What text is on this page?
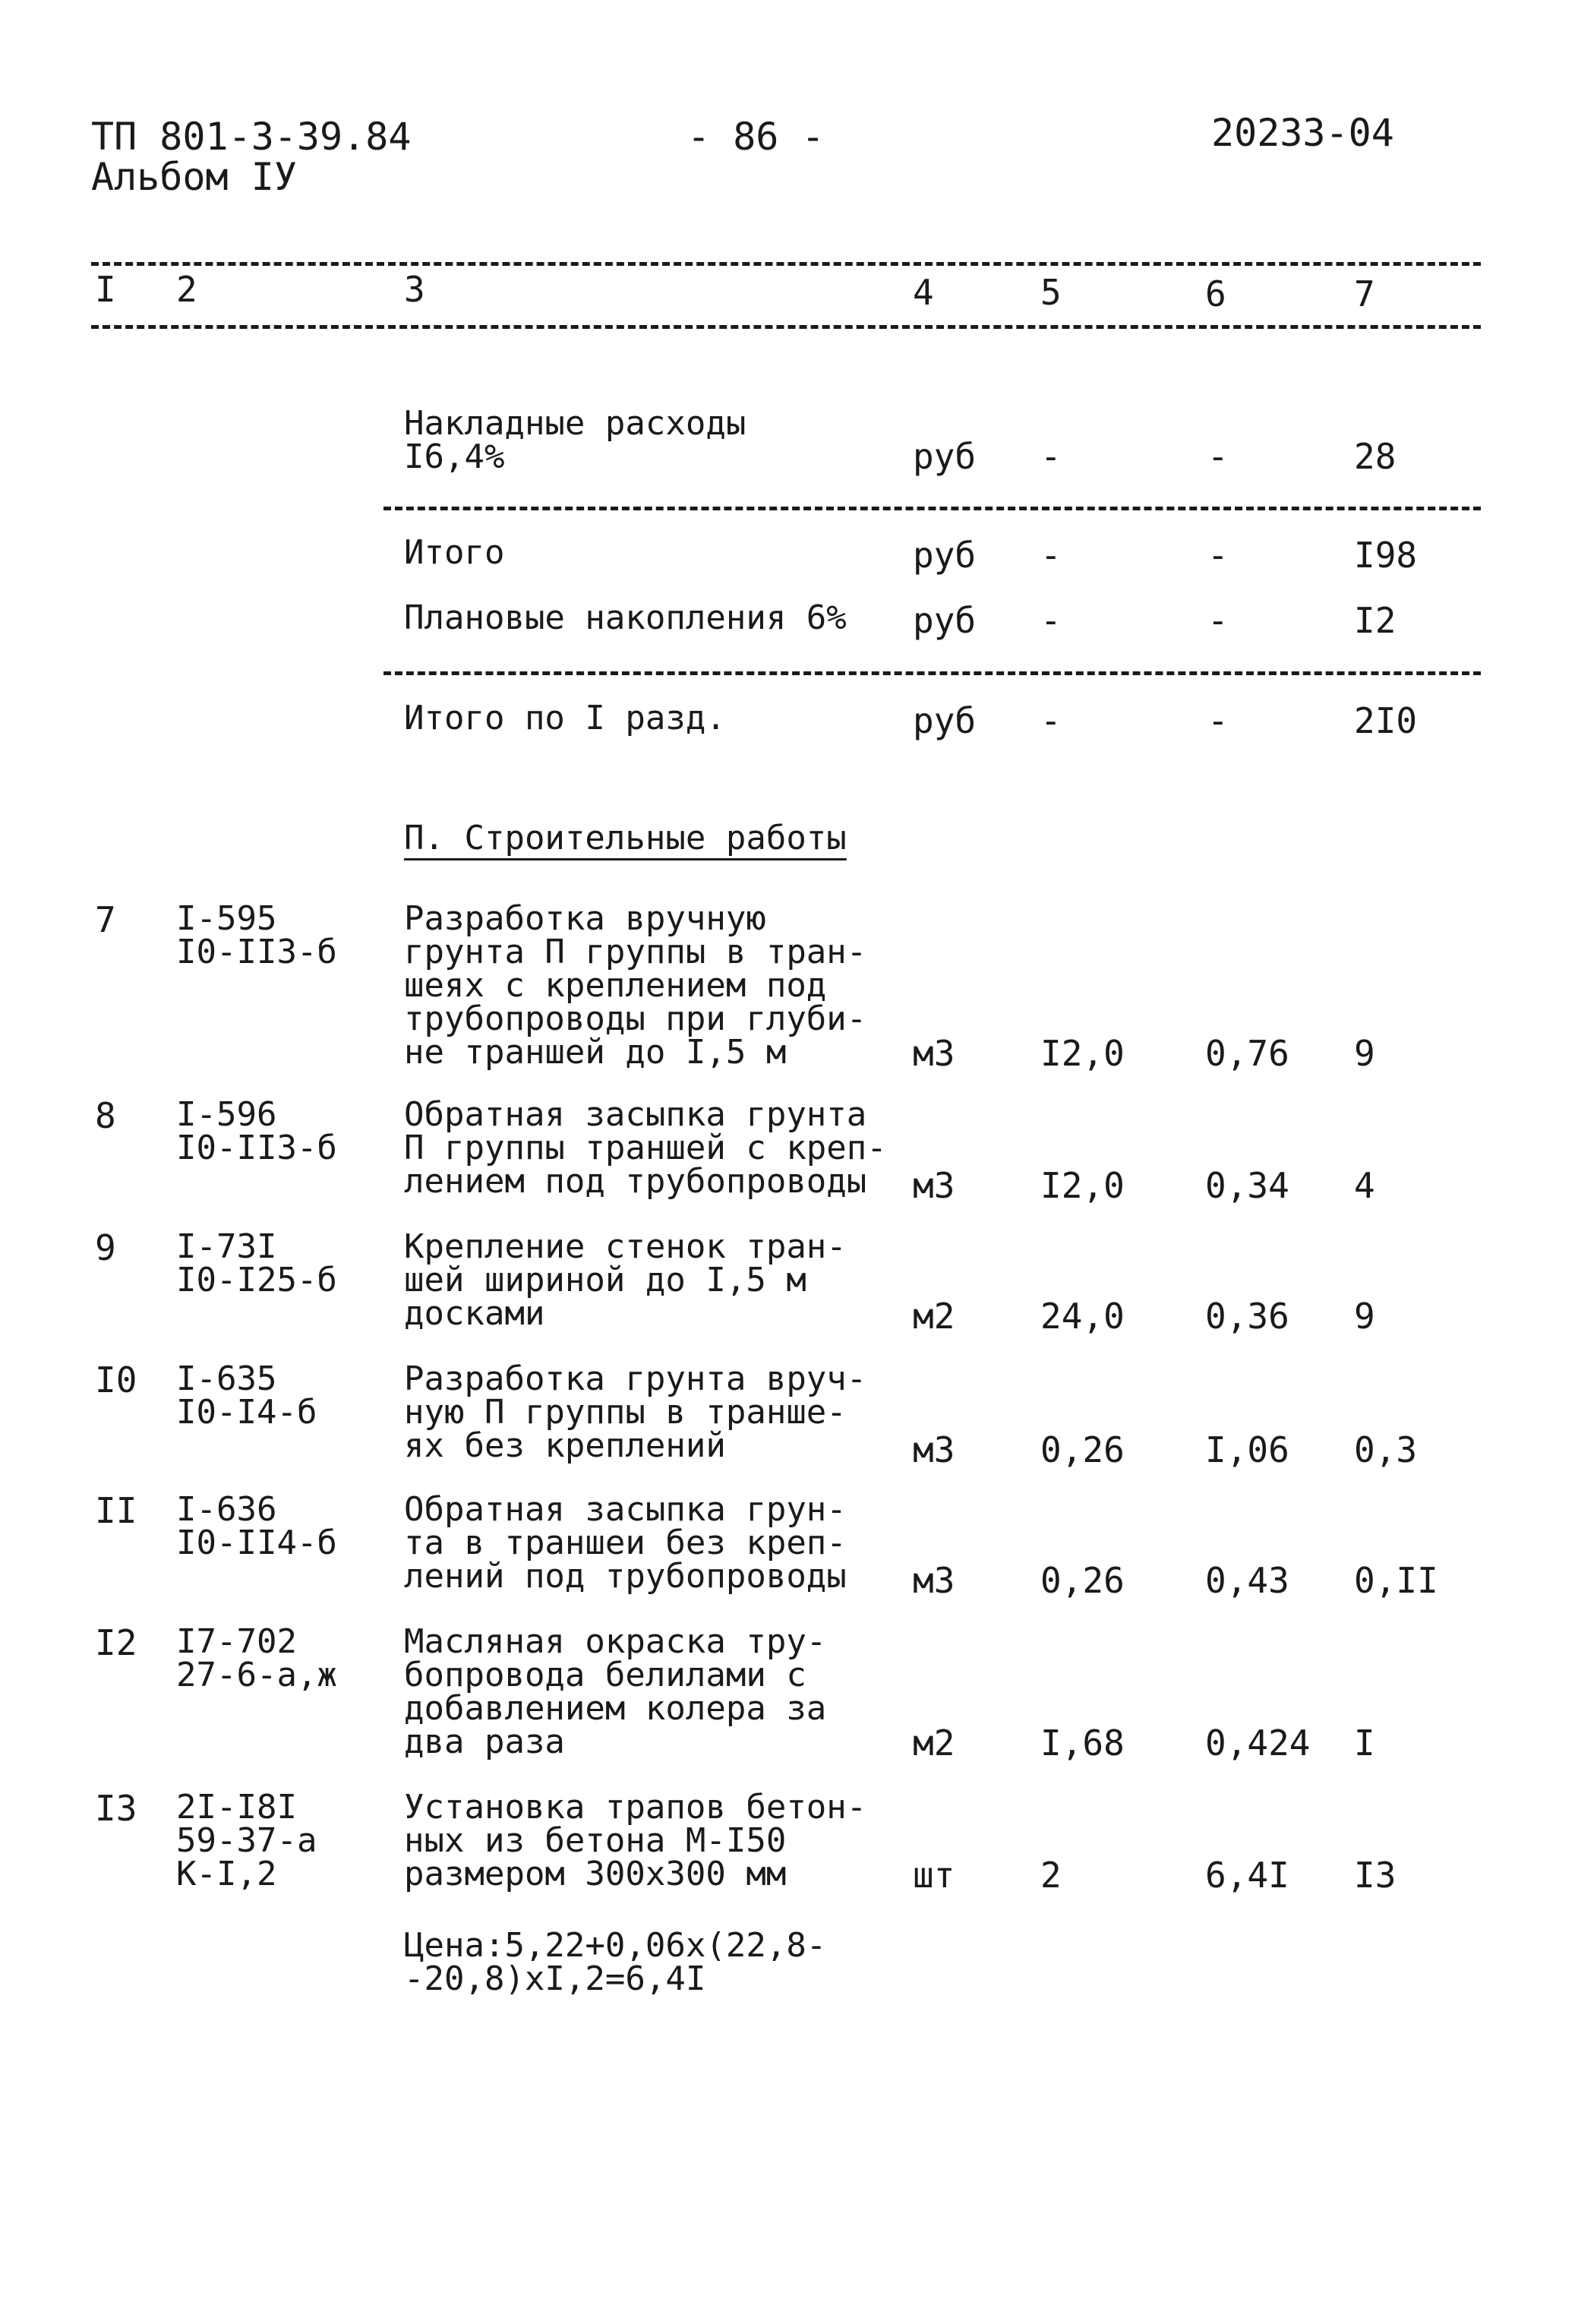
ТП 801-3-39.84
Альбом IУ
- 86 -	20233-04
I 2	3	4	5	6	7
Накладные расходы
I6,4%	руб -	-	28
Итого	руб -	-	I98
Плановые накопления 6% руб -	-	I2
Итого по I разд.	руб -	-	2I0
П. Строительные работы
7 I-595
I0-II3-б
Разработка вручную
грунта П группы в тран-
шеях с креплением под
трубопроводы при глуби-
не траншей до I,5 м	м3 I2,0 0,76 9
8 I-596
I0-II3-б
Обратная засыпка грунта
П группы траншей с креп-
лением под трубопроводы	м3 I2,0 0,34 4
9 I-73I
I0-I25-б
Крепление стенок тран-
шей шириной до I,5 м
досками	м2 24,0 0,36 9
I0 I-635
I0-I4-б
Разработка грунта вруч-
ную П группы в транше-
ях без креплений	м3 0,26 I,06 0,3
II I-636
I0-II4-б
Обратная засыпка грун-
та в траншеи без креп-
лений под трубопроводы м3 0,26 0,43 0,II
I2 I7-702
27-6-а,ж
Масляная окраска тру-
бопровода белилами с
добавлением колера за
два раза	м2 I,68 0,424 I
I3 2I-I8I
59-37-а
К-I,2
Установка трапов бетон-
ных из бетона М-I50
размером 300х300 мм	шт 2	6,4I I3
Цена:5,22+0,06х(22,8-
-20,8)хI,2=6,4I
